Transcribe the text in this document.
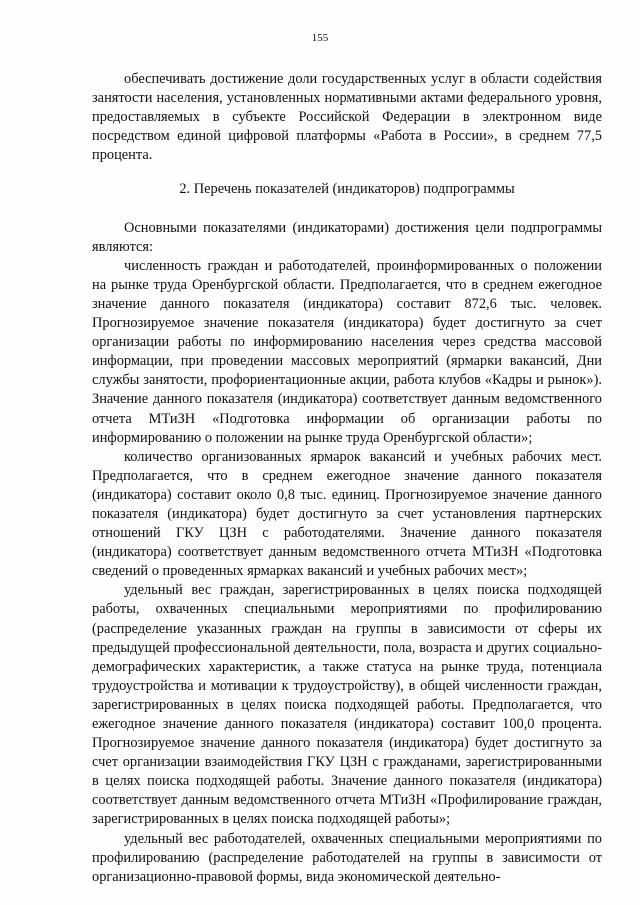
155

обеспечивать достижение доли государственных услуг в области содействия занятости населения, установленных нормативными актами федерального уровня, предоставляемых в субъекте Российской Федерации в электронном виде посредством единой цифровой платформы «Работа в России», в среднем 77,5 процента.

2. Перечень показателей (индикаторов) подпрограммы

Основными показателями (индикаторами) достижения цели подпрограммы являются:

численность граждан и работодателей, проинформированных о положении на рынке труда Оренбургской области. Предполагается, что в среднем ежегодное значение данного показателя (индикатора) составит 872,6 тыс. человек. Прогнозируемое значение показателя (индикатора) будет достигнуто за счет организации работы по информированию населения через средства массовой информации, при проведении массовых мероприятий (ярмарки вакансий, Дни службы занятости, профориентационные акции, работа клубов «Кадры и рынок»). Значение данного показателя (индикатора) соответствует данным ведомственного отчета МТиЗН «Подготовка информации об организации работы по информированию о положении на рынке труда Оренбургской области»;

количество организованных ярмарок вакансий и учебных рабочих мест. Предполагается, что в среднем ежегодное значение данного показателя (индикатора) составит около 0,8 тыс. единиц. Прогнозируемое значение данного показателя (индикатора) будет достигнуто за счет установления партнерских отношений ГКУ ЦЗН с работодателями. Значение данного показателя (индикатора) соответствует данным ведомственного отчета МТиЗН «Подготовка сведений о проведенных ярмарках вакансий и учебных рабочих мест»;

удельный вес граждан, зарегистрированных в целях поиска подходящей работы, охваченных специальными мероприятиями по профилированию (распределение указанных граждан на группы в зависимости от сферы их предыдущей профессиональной деятельности, пола, возраста и других социально-демографических характеристик, а также статуса на рынке труда, потенциала трудоустройства и мотивации к трудоустройству), в общей численности граждан, зарегистрированных в целях поиска подходящей работы. Предполагается, что ежегодное значение данного показателя (индикатора) составит 100,0 процента. Прогнозируемое значение данного показателя (индикатора) будет достигнуто за счет организации взаимодействия ГКУ ЦЗН с гражданами, зарегистрированными в целях поиска подходящей работы. Значение данного показателя (индикатора) соответствует данным ведомственного отчета МТиЗН «Профилирование граждан, зарегистрированных в целях поиска подходящей работы»;

удельный вес работодателей, охваченных специальными мероприятиями по профилированию (распределение работодателей на группы в зависимости от организационно-правовой формы, вида экономической деятельно-
